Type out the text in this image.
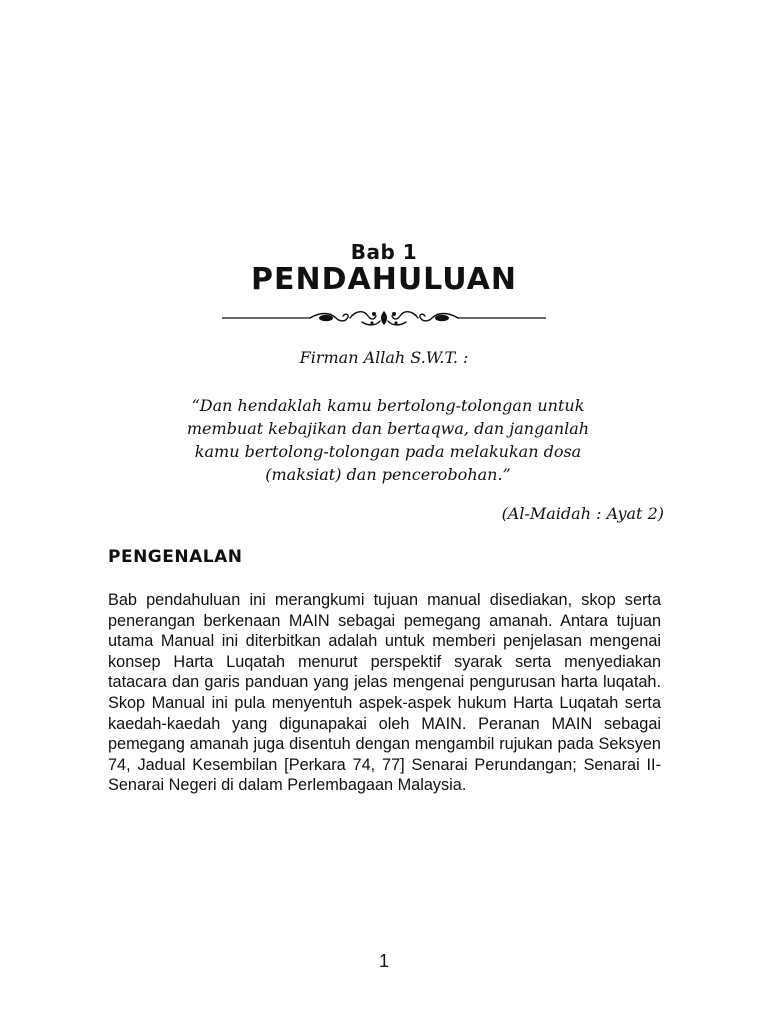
Bab 1
PENDAHULUAN
Firman Allah S.W.T. :
“Dan hendaklah kamu bertolong-tolongan untuk membuat kebajikan dan bertaqwa, dan janganlah kamu bertolong-tolongan pada melakukan dosa (maksiat) dan pencerobohan.”
(Al-Maidah : Ayat 2)
PENGENALAN
Bab pendahuluan ini merangkumi tujuan manual disediakan, skop serta penerangan berkenaan MAIN sebagai pemegang amanah. Antara tujuan utama Manual ini diterbitkan adalah untuk memberi penjelasan mengenai konsep Harta Luqatah menurut perspektif syarak serta menyediakan tatacara dan garis panduan yang jelas mengenai pengurusan harta luqatah. Skop Manual ini pula menyentuh aspek-aspek hukum Harta Luqatah serta kaedah-kaedah yang digunapakai oleh MAIN. Peranan MAIN sebagai pemegang amanah juga disentuh dengan mengambil rujukan pada Seksyen 74, Jadual Kesembilan [Perkara 74, 77] Senarai Perundangan; Senarai II-Senarai Negeri di dalam Perlembagaan Malaysia.
1
